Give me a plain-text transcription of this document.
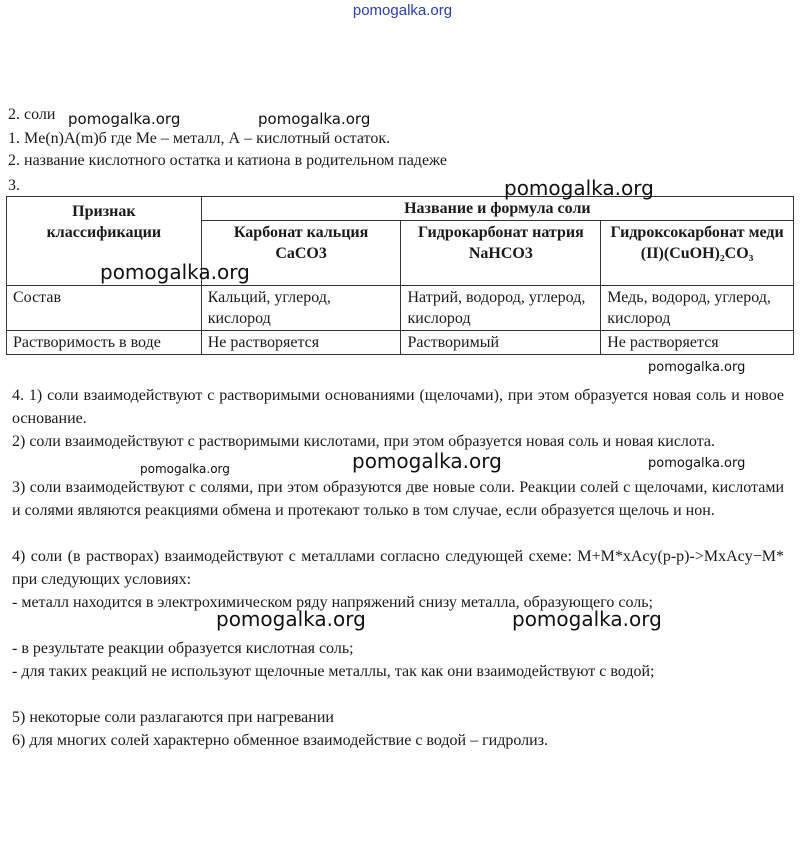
pomogalka.org
2. соли
1. Me(n)A(m)б где Ме – металл, А – кислотный остаток.
2. название кислотного остатка и катиона в родительном падеже
3.
Признак классификации	Название и формула соли		
	Карбонат кальция CaCO3	Гидрокарбонат натрия NaHCO3	Гидроксокарбонат меди (II)(CuOH)₂CO₃
Состав	Кальций, углерод, кислород	Натрий, водород, углерод, кислород	Медь, водород, углерод, кислород
Растворимость в воде	Не растворяется	Растворимый	Не растворяется
4. 1) соли взаимодействуют с растворимыми основаниями (щелочами), при этом образуется новая соль и новое основание.
2) соли взаимодействуют с растворимыми кислотами, при этом образуется новая соль и новая кислота.
3) соли взаимодействуют с солями, при этом образуются две новые соли. Реакции солей с щелочами, кислотами и солями являются реакциями обмена и протекают только в том случае, если образуется щелочь и нон.
4) соли (в растворах) взаимодействуют с металлами согласно следующей схеме: M+M*xAcy(p-p)->MxAcy−M* при следующих условиях:
- металл находится в электрохимическом ряду напряжений снизу металла, образующего соль;
- в результате реакции образуется кислотная соль;
- для таких реакций не используют щелочные металлы, так как они взаимодействуют с водой;
5) некоторые соли разлагаются при нагревании
6) для многих солей характерно обменное взаимодействие с водой – гидролиз.
pomogalka.org	pomogalka.org
pomogalka.org
pomogalka.org
pomogalka.org
pomogalka.org
pomogalka.org	pomogalka.org
pomogalka.org	pomogalka.org
